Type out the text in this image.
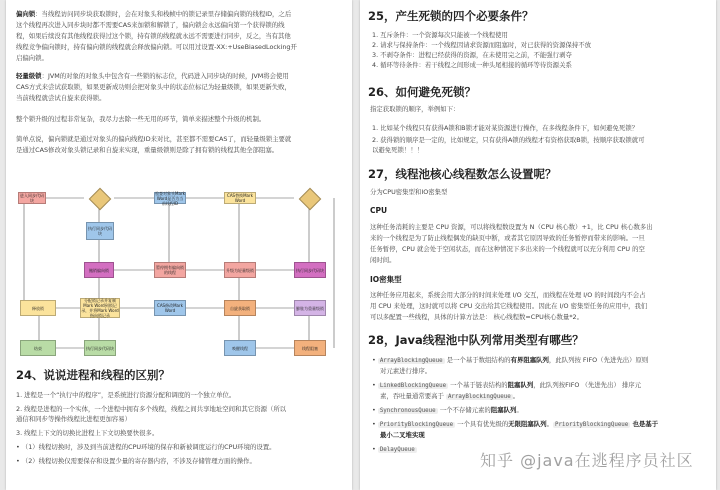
偏向锁：当线程访问同步块获取锁时，会在对象头和栈帧中的锁记录里存储偏向锁的线程ID，之后
这个线程再次进入同步块时都不需要CAS来加锁和解锁了，偏向锁会永远偏向第一个获得锁的线
程，如果后续没有其他线程获得过这个锁，持有锁的线程就永远不需要进行同步，反之，当有其他
线程竞争偏向锁时，持有偏向锁的线程就会释放偏向锁。可以用过设置-XX:+UseBiasedLocking开
启偏向锁。
轻量级锁：JVM的对象的对象头中包含有一些锁的标志位，代码进入同步块的时候，JVM将会使用
CAS方式来尝试获取锁，如果更新成功则会把对象头中的状态位标记为轻量级锁，如果更新失败，
当前线程就尝试自旋来获得锁。
整个锁升级的过程非常复杂，我尽力去除一些无用的环节，简单来描述整个升级的机制。
简单点说，偏向锁就是通过对象头的偏向线程ID来对比，甚至都不需要CAS了，而轻量级锁主要就
是通过CAS修改对象头锁记录和自旋来实现，重量级锁则是除了拥有锁的线程其他全部阻塞。
进入同步代码块
检查对象头Mark Word是否为当前线程ID
CAS替换Mark Word
执行同步代码块
撤销偏向锁	暂停拥有偏向锁的线程	升级为轻量级锁	执行同步代码块
释放锁
分配锁记录并复制Mark Word到锁记录，并将Mark Word指向锁记录
CAS修改Mark Word	自旋获取锁	膨胀为重量级锁
结束	执行同步代码块	唤醒线程	线程阻塞
24、说说进程和线程的区别？
1. 进程是一个“执行中的程序”，是系统进行资源分配和调度的一个独立单位。
2. 线程是进程的一个实体，一个进程中拥有多个线程，线程之间共享地址空间和其它资源（所以
通信和同步等操作线程比进程更加容易）
3. 线程上下文的切换比进程上下文切换要快很多。
• （1）线程切换时，涉及到当前进程的CPU环境的保存和新被调度运行的CPU环境的设置。
• （2）线程切换仅需要保存和设置少量的寄存器内容，不涉及存储管理方面的操作。
25，产生死锁的四个必要条件？
1. 互斥条件：一个资源每次只能被一个线程使用
2. 请求与保持条件：一个线程因请求资源而阻塞时，对已获得的资源保持不放
3. 不剥夺条件：进程已经获得的资源，在未使用完之前，不能强行剥夺
4. 循环等待条件：若干线程之间形成一种头尾相接的循环等待资源关系
26、如何避免死锁？
指定获取锁的顺序，举例如下：
1. 比如某个线程只有获得A锁和B锁才能对某资源进行操作，在多线程条件下，如何避免死锁？
2. 获得锁的顺序是一定的，比如规定，只有获得A锁的线程才有资格获取B锁，按顺序获取锁就可
以避免死锁！！！
27，线程池核心线程数怎么设置呢？
分为CPU密集型和IO密集型
CPU
这种任务消耗的主要是 CPU 资源，可以将线程数设置为 N（CPU 核心数）+1，比 CPU 核心数多出
来的一个线程是为了防止线程偶发的缺页中断，或者其它原因导致的任务暂停而带来的影响。一旦
任务暂停，CPU 就会处于空闲状态，而在这种情况下多出来的一个线程就可以充分利用 CPU 的空
闲时间。
IO密集型
这种任务应用起来，系统会用大部分的时间来处理 I/O 交互，而线程在处理 I/O 的时间段内不会占
用 CPU 来处理，这时就可以将 CPU 交出给其它线程使用。因此在 I/O 密集型任务的应用中，我们
可以多配置一些线程，具体的计算方法是： 核心线程数=CPU核心数量*2。
28，Java线程池中队列常用类型有哪些？
• ArrayBlockingQueue 是一个基于数组结构的有界阻塞队列，此队列按 FIFO（先进先出）原则
对元素进行排序。
• LinkedBlockingQueue 一个基于链表结构的阻塞队列，此队列按FIFO （先进先出） 排序元
素，吞吐量通常要高于 ArrayBlockingQueue 。
• SynchronousQueue 一个不存储元素的阻塞队列。
• PriorityBlockingQueue 一个具有优先级的无限阻塞队列。 PriorityBlockingQueue 也是基于
最小二叉堆实现
• DelayQueue
知乎 @java在逃程序员社区
